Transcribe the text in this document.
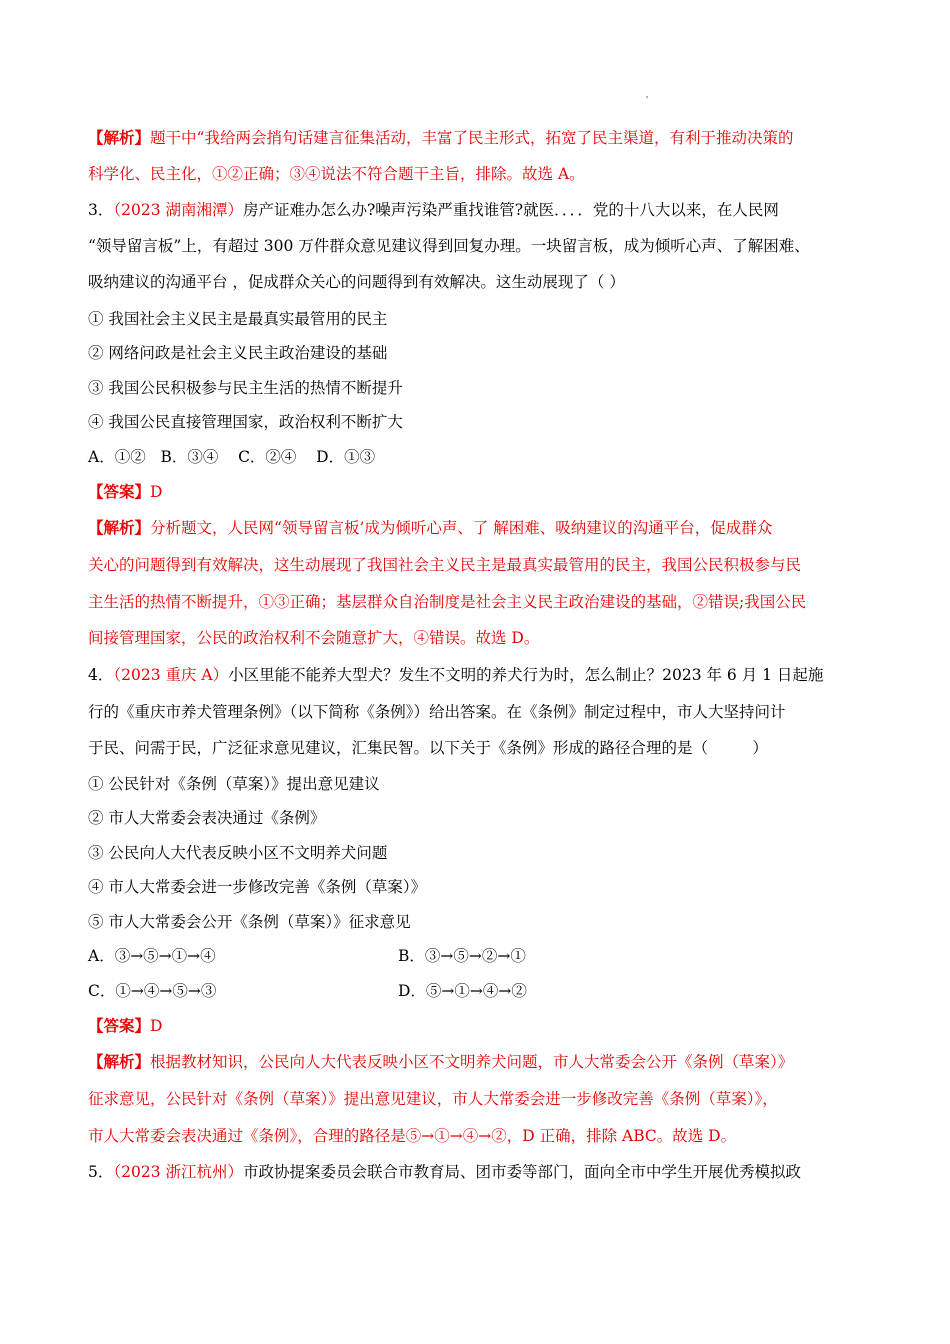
【解析】题干中“我给两会捎句话建言征集活动，丰富了民主形式，拓宽了民主渠道，有利于推动决策的
科学化、民主化，①②正确；③④说法不符合题干主旨，排除。故选 A。
3．（2023 湖南湘潭）房产证难办怎么办?噪声污染严重找谁管?就医．．．．党的十八大以来，在人民网
“领导留言板”上，有超过 300 万件群众意见建议得到回复办理。一块留言板，成为倾听心声、了解困难、
吸纳建议的沟通平台 ，促成群众关心的问题得到有效解决。这生动展现了（ ）
① 我国社会主义民主是最真实最管用的民主
② 网络问政是社会主义民主政治建设的基础
③ 我国公民积极参与民主生活的热情不断提升
④ 我国公民直接管理国家，政治权利不断扩大
A．①②   B．③④    C．②④    D．①③
【答案】D
【解析】分析题文，人民网“领导留言板’成为倾听心声、了 解困难、吸纳建议的沟通平台，促成群众
关心的问题得到有效解决，这生动展现了我国社会主义民主是最真实最管用的民主，我国公民积极参与民
主生活的热情不断提升，①③正确；基层群众自治制度是社会主义民主政治建设的基础，②错误;我国公民
间接管理国家，公民的政治权利不会随意扩大，④错误。故选 D。
4．（2023 重庆 A）小区里能不能养大型犬？发生不文明的养犬行为时，怎么制止？2023 年 6 月 1 日起施
行的《重庆市养犬管理条例》（以下简称《条例》）给出答案。在《条例》制定过程中，市人大坚持问计
于民、问需于民，广泛征求意见建议，汇集民智。以下关于《条例》形成的路径合理的是（         ）
① 公民针对《条例（草案）》提出意见建议
② 市人大常委会表决通过《条例》
③ 公民向人大代表反映小区不文明养犬问题
④ 市人大常委会进一步修改完善《条例（草案）》
⑤ 市人大常委会公开《条例（草案）》征求意见
A．③→⑤→①→④	B．③→⑤→②→①
C．①→④→⑤→③	D．⑤→①→④→②
【答案】D
【解析】根据教材知识，公民向人大代表反映小区不文明养犬问题，市人大常委会公开《条例（草案）》
征求意见，公民针对《条例（草案）》提出意见建议，市人大常委会进一步修改完善《条例（草案）》，
市人大常委会表决通过《条例》，合理的路径是⑤→①→④→②，D 正确，排除 ABC。故选 D。
5．（2023 浙江杭州）市政协提案委员会联合市教育局、团市委等部门，面向全市中学生开展优秀模拟政
